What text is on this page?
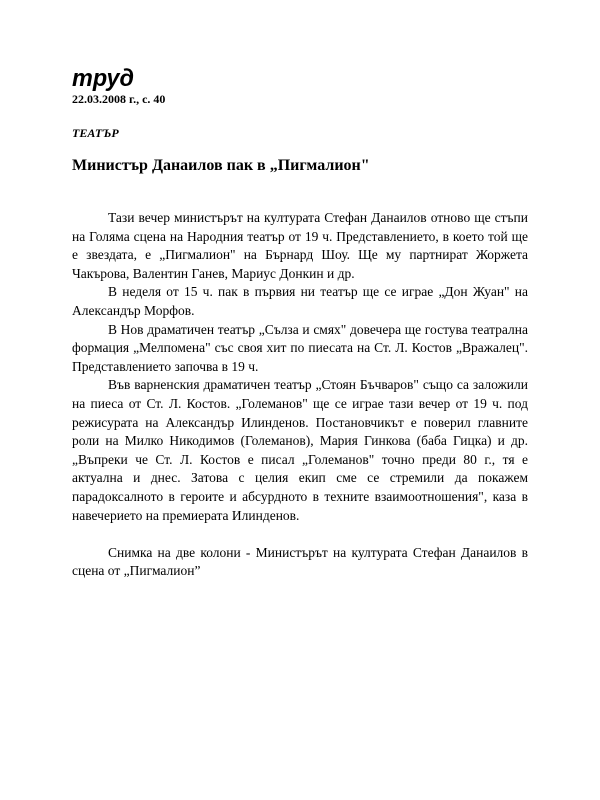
труд
22.03.2008 г., с. 40
ТЕАТЪР
Министър Данаилов пак в „Пигмалион"

Тази вечер министърът на културата Стефан Данаилов отново ще стъпи на Голяма сцена на Народния театър от 19 ч. Представлението, в което той ще е звездата, е „Пигмалион" на Бърнард Шоу. Ще му партнират Жоржета Чакърова, Валентин Ганев, Мариус Донкин и др.

В неделя от 15 ч. пак в първия ни театър ще се играе „Дон Жуан" на Александър Морфов.

В Нов драматичен театър „Сълза и смях" довечера ще гостува театрална формация „Мелпомена" със своя хит по пиесата на Ст. Л. Костов „Вражалец". Представлението започва в 19 ч.

Във варненския драматичен театър „Стоян Бъчваров" също са заложили на пиеса от Ст. Л. Костов. „Големанов" ще се играе тази вечер от 19 ч. под режисурата на Александър Илинденов. Постановчикът е поверил главните роли на Милко Никодимов (Големанов), Мария Гинкова (баба Гицка) и др. „Въпреки че Ст. Л. Костов е писал „Големанов" точно преди 80 г., тя е актуална и днес. Затова с целия екип сме се стремили да покажем парадоксалното в героите и абсурдното в техните взаимоотношения", каза в навечерието на премиерата Илинденов.

Снимка на две колони - Министърът на културата Стефан Данаилов в сцена от „Пигмалион”
